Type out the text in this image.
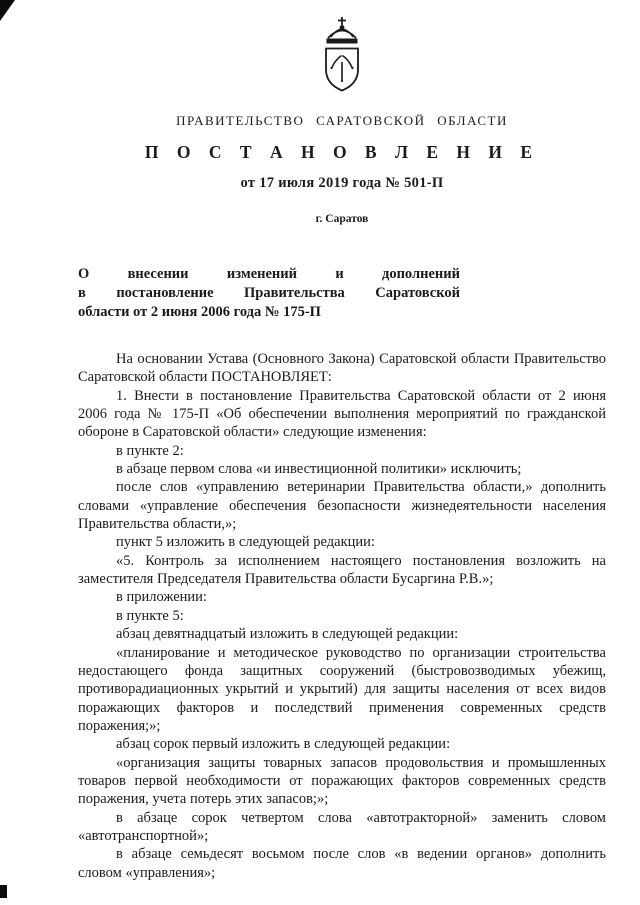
ПРАВИТЕЛЬСТВО САРАТОВСКОЙ ОБЛАСТИ
П О С Т А Н О В Л Е Н И Е
от 17 июля 2019 года № 501-П
г. Саратов
О внесении изменений и дополнений
в постановление Правительства Саратовской
области от 2 июня 2006 года № 175-П

На основании Устава (Основного Закона) Саратовской области Правительство Саратовской области ПОСТАНОВЛЯЕТ:

1. Внести в постановление Правительства Саратовской области от 2 июня 2006 года № 175-П «Об обеспечении выполнения мероприятий по гражданской обороне в Саратовской области» следующие изменения:

в пункте 2:

в абзаце первом слова «и инвестиционной политики» исключить;

после слов «управлению ветеринарии Правительства области,» дополнить словами «управление обеспечения безопасности жизнедеятельности населения Правительства области,»;

пункт 5 изложить в следующей редакции:

«5. Контроль за исполнением настоящего постановления возложить на заместителя Председателя Правительства области Бусаргина Р.В.»;

в приложении:

в пункте 5:

абзац девятнадцатый изложить в следующей редакции:

«планирование и методическое руководство по организации строительства недостающего фонда защитных сооружений (быстровозводимых убежищ, противорадиационных укрытий и укрытий) для защиты населения от всех видов поражающих факторов и последствий применения современных средств поражения;»;

абзац сорок первый изложить в следующей редакции:

«организация защиты товарных запасов продовольствия и промышленных товаров первой необходимости от поражающих факторов современных средств поражения, учета потерь этих запасов;»;

в абзаце сорок четвертом слова «автотракторной» заменить словом «автотранспортной»;

в абзаце семьдесят восьмом после слов «в ведении органов» дополнить словом «управления»;
